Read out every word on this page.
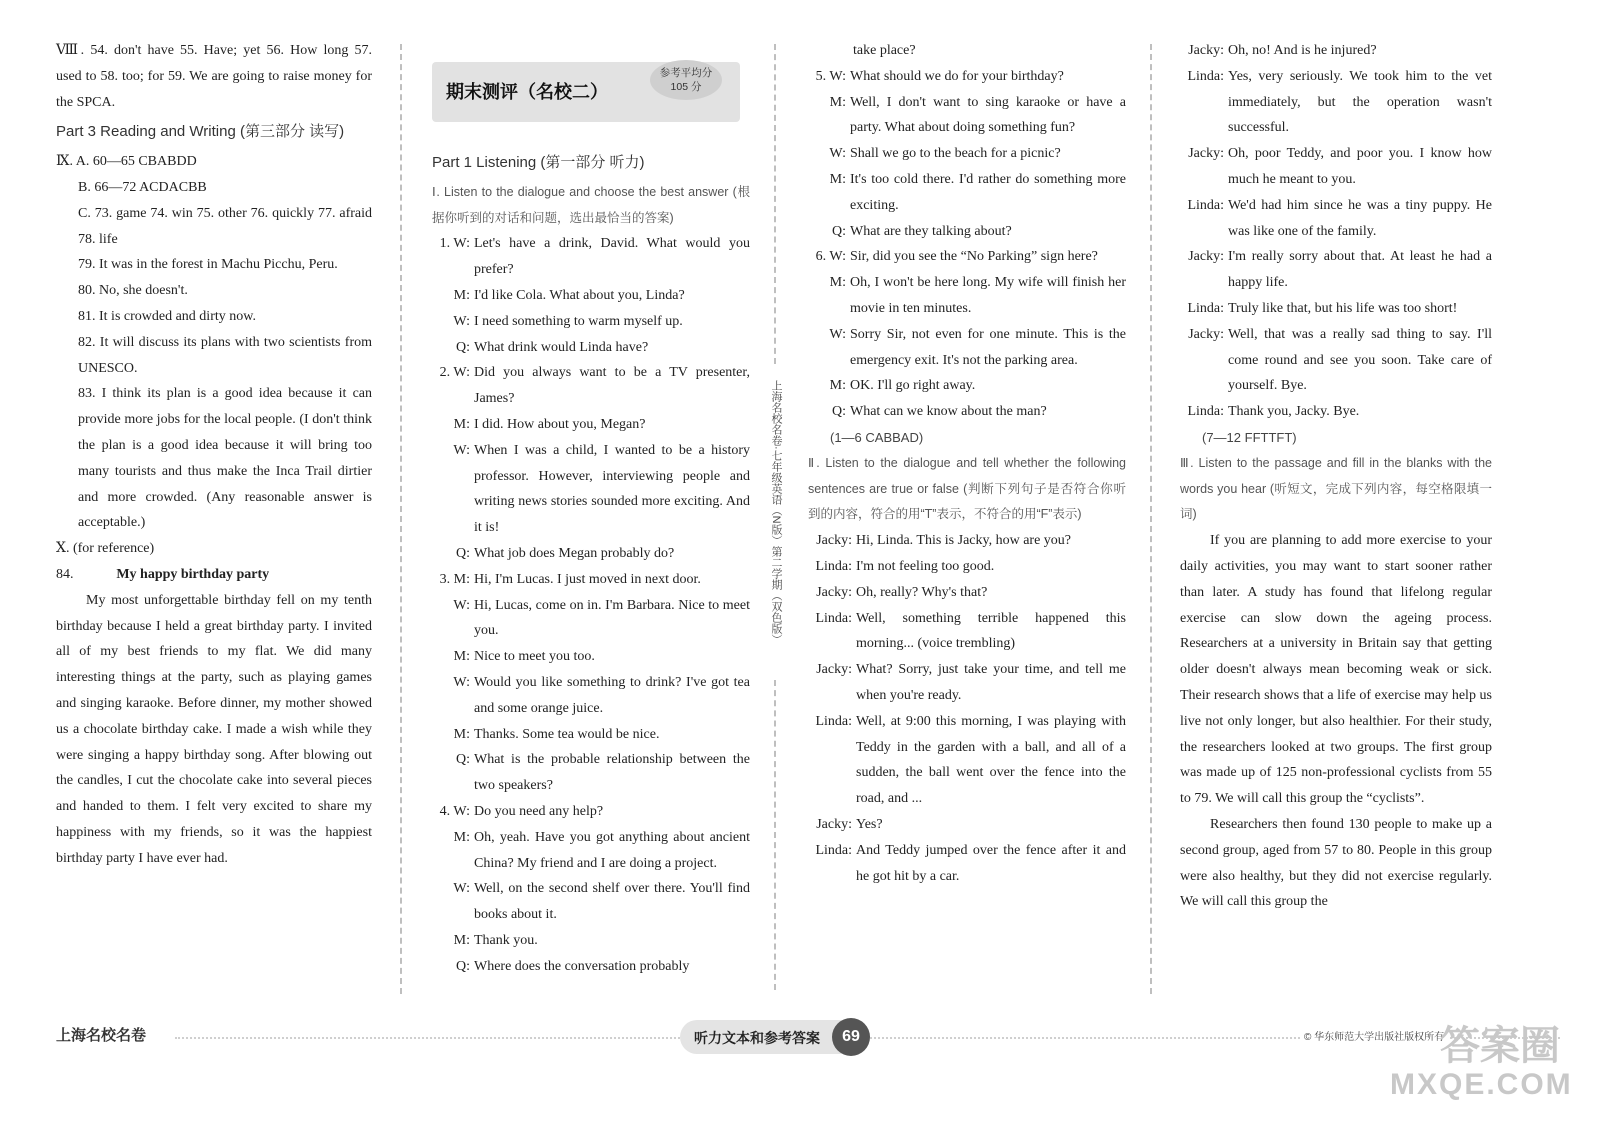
上海名校名卷·七年级英语（N版）第二学期（双色版）

Ⅷ. 54. don't have 55. Have; yet 56. How long 57. used to 58. too; for 59. We are going to raise money for the SPCA.

Part 3 Reading and Writing (第三部分 读写)

Ⅸ. A. 60—65 CBABDD

B. 66—72 ACDACBB

C. 73. game 74. win 75. other 76. quickly 77. afraid 78. life

79. It was in the forest in Machu Picchu, Peru.

80. No, she doesn't.

81. It is crowded and dirty now.

82. It will discuss its plans with two scientists from UNESCO.

83. I think its plan is a good idea because it can provide more jobs for the local people. (I don't think the plan is a good idea because it will bring too many tourists and thus make the Inca Trail dirtier and more crowded. (Any reasonable answer is acceptable.)

Ⅹ. (for reference)

84.	My happy birthday party

My most unforgettable birthday fell on my tenth birthday because I held a great birthday party. I invited all of my best friends to my flat. We did many interesting things at the party, such as playing games and singing karaoke. Before dinner, my mother showed us a chocolate birthday cake. I made a wish while they were singing a happy birthday song. After blowing out the candles, I cut the chocolate cake into several pieces and handed to them. I felt very excited to share my happiness with my friends, so it was the happiest birthday party I have ever had.

期末测评（名校二）
参考平均分
105 分
Part 1 Listening (第一部分 听力)
Ⅰ. Listen to the dialogue and choose the best answer (根据你听到的对话和问题，选出最恰当的答案)
1. W: Let's have a drink, David. What would you prefer?
M: I'd like Cola. What about you, Linda?
W: I need something to warm myself up.
Q: What drink would Linda have?
2. W: Did you always want to be a TV presenter, James?
M: I did. How about you, Megan?
W: When I was a child, I wanted to be a history professor. However, interviewing people and writing news stories sounded more exciting. And it is!
Q: What job does Megan probably do?
3. M: Hi, I'm Lucas. I just moved in next door.
W: Hi, Lucas, come on in. I'm Barbara. Nice to meet you.
M: Nice to meet you too.
W: Would you like something to drink? I've got tea and some orange juice.
M: Thanks. Some tea would be nice.
Q: What is the probable relationship between the two speakers?
4. W: Do you need any help?
M: Oh, yeah. Have you got anything about ancient China? My friend and I are doing a project.
W: Well, on the second shelf over there. You'll find books about it.
M: Thank you.
Q: Where does the conversation probably

take place?

5. W: What should we do for your birthday?
M: Well, I don't want to sing karaoke or have a party. What about doing something fun?
W: Shall we go to the beach for a picnic?
M: It's too cold there. I'd rather do something more exciting.
Q: What are they talking about?
6. W: Sir, did you see the “No Parking” sign here?
M: Oh, I won't be here long. My wife will finish her movie in ten minutes.
W: Sorry Sir, not even for one minute. This is the emergency exit. It's not the parking area.
M: OK. I'll go right away.
Q: What can we know about the man?

(1—6 CABBAD)

Ⅱ. Listen to the dialogue and tell whether the following sentences are true or false (判断下列句子是否符合你听到的内容，符合的用“T”表示，不符合的用“F”表示)
Jacky: Hi, Linda. This is Jacky, how are you?
Linda: I'm not feeling too good.
Jacky: Oh, really? Why's that?
Linda: Well, something terrible happened this morning... (voice trembling)
Jacky: What? Sorry, just take your time, and tell me when you're ready.
Linda: Well, at 9:00 this morning, I was playing with Teddy in the garden with a ball, and all of a sudden, the ball went over the fence into the road, and ...
Jacky: Yes?
Linda: And Teddy jumped over the fence after it and he got hit by a car.
Jacky: Oh, no! And is he injured?
Linda: Yes, very seriously. We took him to the vet immediately, but the operation wasn't successful.
Jacky: Oh, poor Teddy, and poor you. I know how much he meant to you.
Linda: We'd had him since he was a tiny puppy. He was like one of the family.
Jacky: I'm really sorry about that. At least he had a happy life.
Linda: Truly like that, but his life was too short!
Jacky: Well, that was a really sad thing to say. I'll come round and see you soon. Take care of yourself. Bye.
Linda: Thank you, Jacky. Bye.

(7—12 FFTTFT)

Ⅲ. Listen to the passage and fill in the blanks with the words you hear (听短文，完成下列内容，每空格限填一词)

If you are planning to add more exercise to your daily activities, you may want to start sooner rather than later. A study has found that lifelong regular exercise can slow down the ageing process. Researchers at a university in Britain say that getting older doesn't always mean becoming weak or sick. Their research shows that a life of exercise may help us live not only longer, but also healthier. For their study, the researchers looked at two groups. The first group was made up of 125 non-professional cyclists from 55 to 79. We will call this group the “cyclists”.

Researchers then found 130 people to make up a second group, aged from 57 to 80. People in this group were also healthy, but they did not exercise regularly. We will call this group the

上海名校名卷	听力文本和参考答案	69	© 华东师范大学出版社版权所有
答案圈
MXQE.COM
